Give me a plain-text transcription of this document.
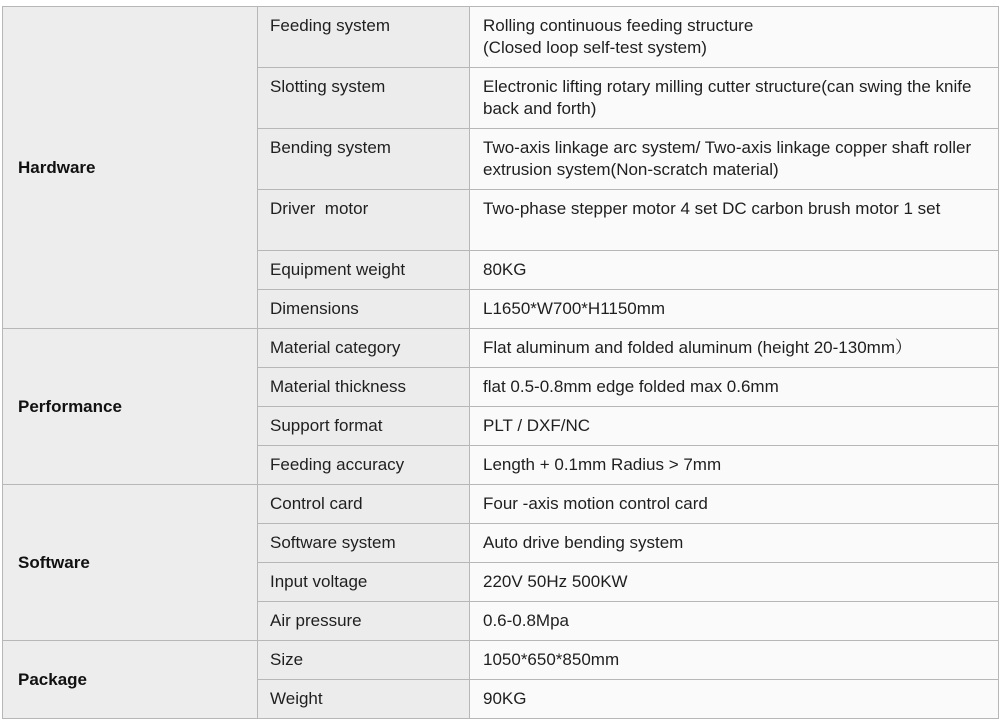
Hardware	Feeding system	Rolling continuous feeding structure
(Closed loop self-test system)
	Slotting system	Electronic lifting rotary milling cutter structure(can swing the knife back and forth)
	Bending system	Two-axis linkage arc system/ Two-axis linkage copper shaft roller extrusion system(Non-scratch material)
	Driver  motor	Two-phase stepper motor 4 set DC carbon brush motor 1 set
	Equipment weight	80KG
	Dimensions	L1650*W700*H1150mm
Performance	Material category	Flat aluminum and folded aluminum (height 20-130mm）
	Material thickness	flat 0.5-0.8mm edge folded max 0.6mm
	Support format	PLT / DXF/NC
	Feeding accuracy	Length + 0.1mm Radius > 7mm
Software	Control card	Four -axis motion control card
	Software system	Auto drive bending system
	Input voltage	220V 50Hz 500KW
	Air pressure	0.6-0.8Mpa
Package	Size	1050*650*850mm
	Weight	90KG
